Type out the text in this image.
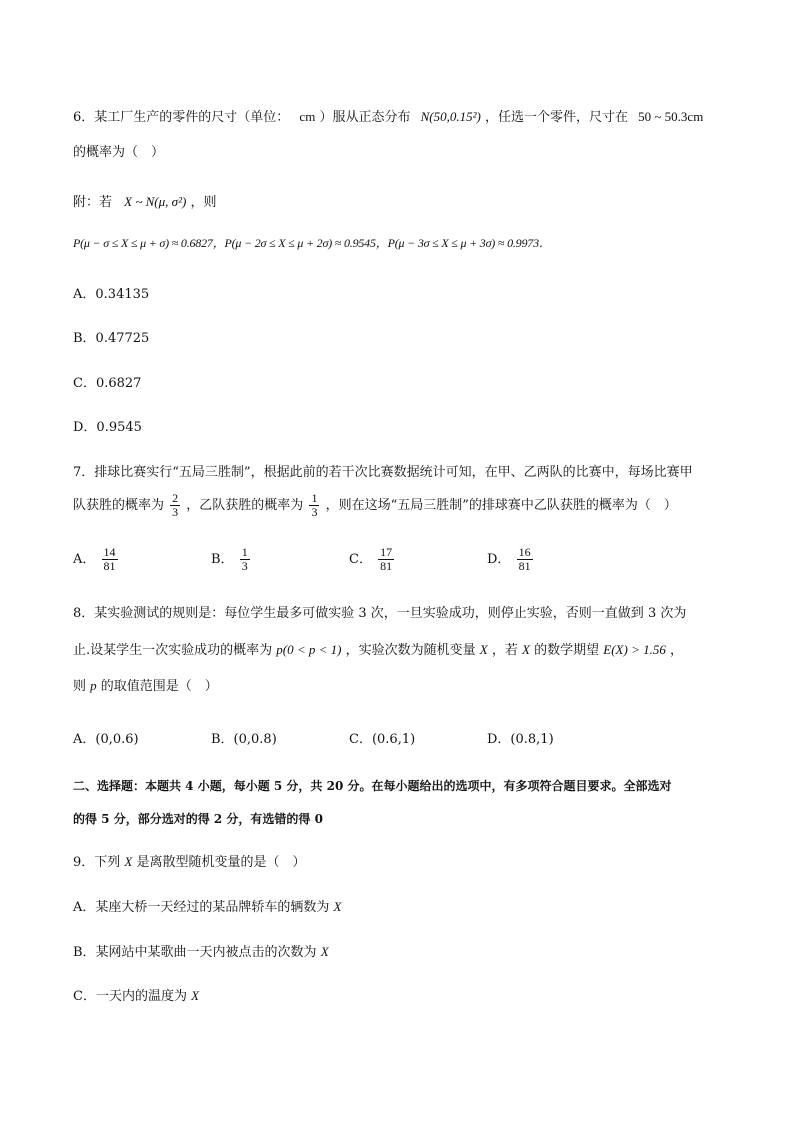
6．某工厂生产的零件的尺寸（单位： cm ）服从正态分布 N(50,0.15²) ，任选一个零件，尺寸在 50 ~ 50.3cm
的概率为（　）
附：若 X ~ N(μ, σ²) ，则
P(μ − σ ≤ X ≤ μ + σ) ≈ 0.6827，P(μ − 2σ ≤ X ≤ μ + 2σ) ≈ 0.9545，P(μ − 3σ ≤ X ≤ μ + 3σ) ≈ 0.9973．
A．0.34135
B．0.47725
C．0.6827
D．0.9545
7．排球比赛实行“五局三胜制”，根据此前的若干次比赛数据统计可知，在甲、乙两队的比赛中，每场比赛甲
队获胜的概率为 $\frac{2}{3}$ ，乙队获胜的概率为 $\frac{1}{3}$ ，则在这场“五局三胜制”的排球赛中乙队获胜的概率为（　）
A． $\frac{14}{81}$	B． $\frac{1}{3}$	C． $\frac{17}{81}$	D． $\frac{16}{81}$
8．某实验测试的规则是：每位学生最多可做实验 3 次，一旦实验成功，则停止实验，否则一直做到 3 次为
止.设某学生一次实验成功的概率为 p(0 < p < 1) ，实验次数为随机变量 X ，若 X 的数学期望 E(X) > 1.56 ，
则 p 的取值范围是（　）
A．(0,0.6)	B．(0,0.8)	C．(0.6,1)	D．(0.8,1)
二、选择题：本题共 4 小题，每小题 5 分，共 20 分。在每小题给出的选项中，有多项符合题目要求。全部选对
的得 5 分，部分选对的得 2 分，有选错的得 0
9．下列 X 是离散型随机变量的是（　）
A．某座大桥一天经过的某品牌轿车的辆数为 X
B．某网站中某歌曲一天内被点击的次数为 X
C．一天内的温度为 X
